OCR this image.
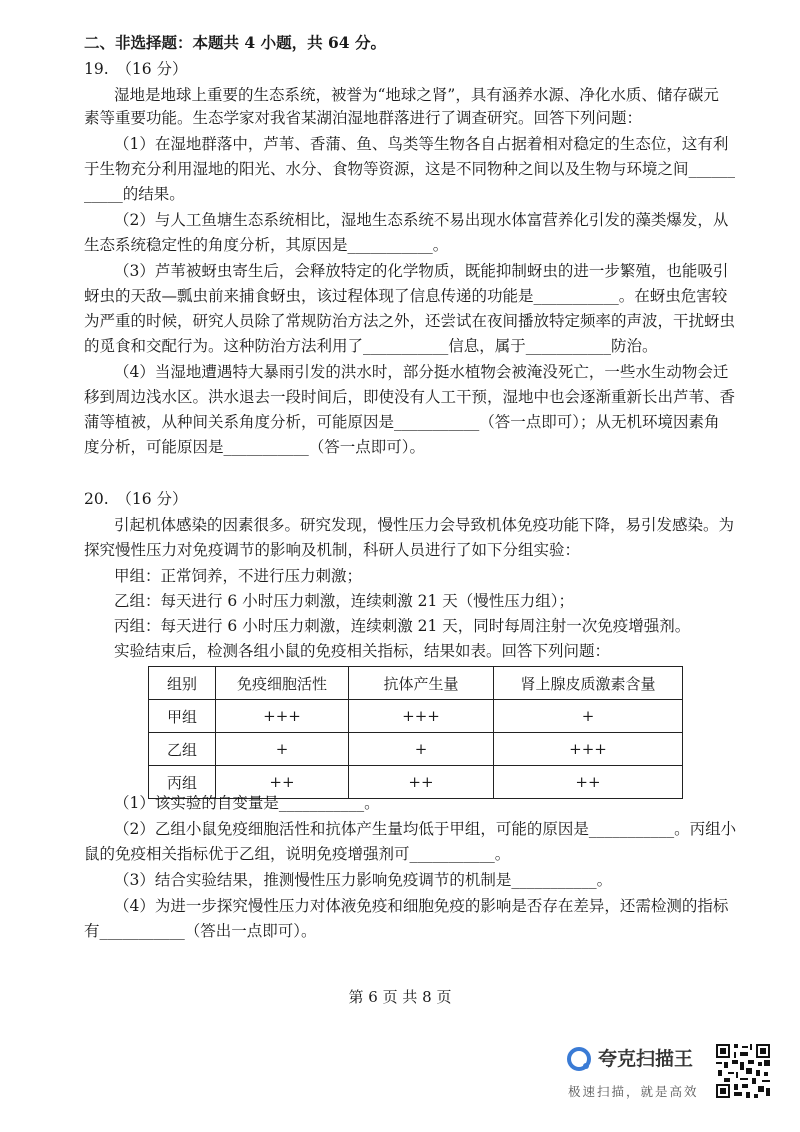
二、非选择题：本题共 4 小题，共 64 分。
19.　（16 分）
湿地是地球上重要的生态系统，被誉为“地球之肾”，具有涵养水源、净化水质、储存碳元
素等重要功能。生态学家对我省某湖泊湿地群落进行了调查研究。回答下列问题：
（1）在湿地群落中，芦苇、香蒲、鱼、鸟类等生物各自占据着相对稳定的生态位，这有利
于生物充分利用湿地的阳光、水分、食物等资源，这是不同物种之间以及生物与环境之间______
_____的结果。
（2）与人工鱼塘生态系统相比，湿地生态系统不易出现水体富营养化引发的藻类爆发，从
生态系统稳定性的角度分析，其原因是___________。
（3）芦苇被蚜虫寄生后，会释放特定的化学物质，既能抑制蚜虫的进一步繁殖，也能吸引
蚜虫的天敌—瓢虫前来捕食蚜虫，该过程体现了信息传递的功能是___________。在蚜虫危害较
为严重的时候，研究人员除了常规防治方法之外，还尝试在夜间播放特定频率的声波，干扰蚜虫
的觅食和交配行为。这种防治方法利用了___________信息，属于___________防治。
（4）当湿地遭遇特大暴雨引发的洪水时，部分挺水植物会被淹没死亡，一些水生动物会迁
移到周边浅水区。洪水退去一段时间后，即使没有人工干预，湿地中也会逐渐重新长出芦苇、香
蒲等植被，从种间关系角度分析，可能原因是___________（答一点即可）；从无机环境因素角
度分析，可能原因是___________（答一点即可）。
20.　（16 分）
引起机体感染的因素很多。研究发现，慢性压力会导致机体免疫功能下降，易引发感染。为
探究慢性压力对免疫调节的影响及机制，科研人员进行了如下分组实验：
甲组：正常饲养，不进行压力刺激；
乙组：每天进行 6 小时压力刺激，连续刺激 21 天（慢性压力组）；
丙组：每天进行 6 小时压力刺激，连续刺激 21 天，同时每周注射一次免疫增强剂。
实验结束后，检测各组小鼠的免疫相关指标，结果如表。回答下列问题：
组别	免疫细胞活性	抗体产生量	肾上腺皮质激素含量
甲组	+++	+++	+
乙组	+	+	+++
丙组	++	++	++
（1）该实验的自变量是___________。
（2）乙组小鼠免疫细胞活性和抗体产生量均低于甲组，可能的原因是___________。丙组小
鼠的免疫相关指标优于乙组，说明免疫增强剂可___________。
（3）结合实验结果，推测慢性压力影响免疫调节的机制是___________。
（4）为进一步探究慢性压力对体液免疫和细胞免疫的影响是否存在差异，还需检测的指标
有___________（答出一点即可）。
第 6 页 共 8 页
夸克扫描王
极速扫描，就是高效
